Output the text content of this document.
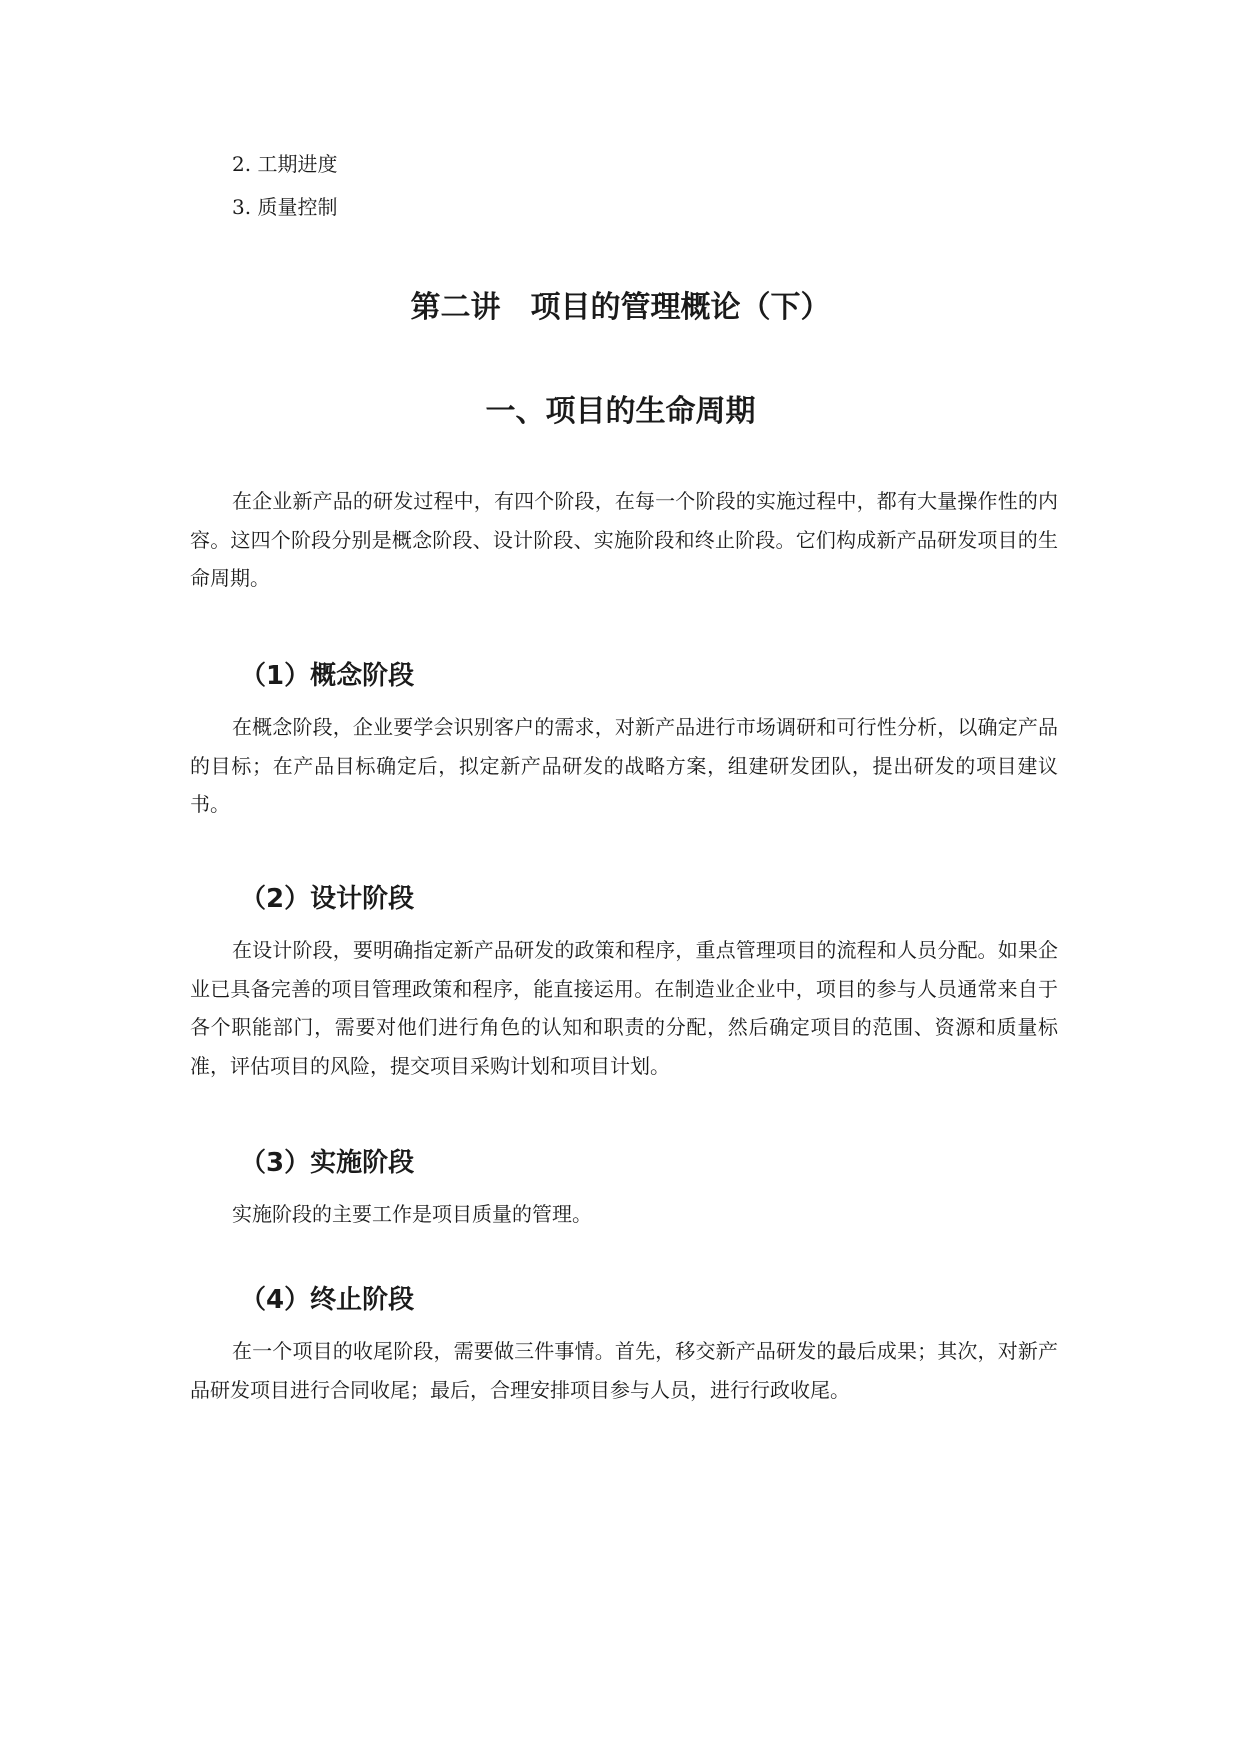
2. 工期进度
3. 质量控制
第二讲　项目的管理概论（下）
一、项目的生命周期

在企业新产品的研发过程中，有四个阶段，在每一个阶段的实施过程中，都有大量操作性的内容。这四个阶段分别是概念阶段、设计阶段、实施阶段和终止阶段。它们构成新产品研发项目的生命周期。

（1）概念阶段

在概念阶段，企业要学会识别客户的需求，对新产品进行市场调研和可行性分析，以确定产品的目标；在产品目标确定后，拟定新产品研发的战略方案，组建研发团队，提出研发的项目建议书。

（2）设计阶段

在设计阶段，要明确指定新产品研发的政策和程序，重点管理项目的流程和人员分配。如果企业已具备完善的项目管理政策和程序，能直接运用。在制造业企业中，项目的参与人员通常来自于各个职能部门，需要对他们进行角色的认知和职责的分配，然后确定项目的范围、资源和质量标准，评估项目的风险，提交项目采购计划和项目计划。

（3）实施阶段

实施阶段的主要工作是项目质量的管理。

（4）终止阶段

在一个项目的收尾阶段，需要做三件事情。首先，移交新产品研发的最后成果；其次，对新产品研发项目进行合同收尾；最后，合理安排项目参与人员，进行行政收尾。
